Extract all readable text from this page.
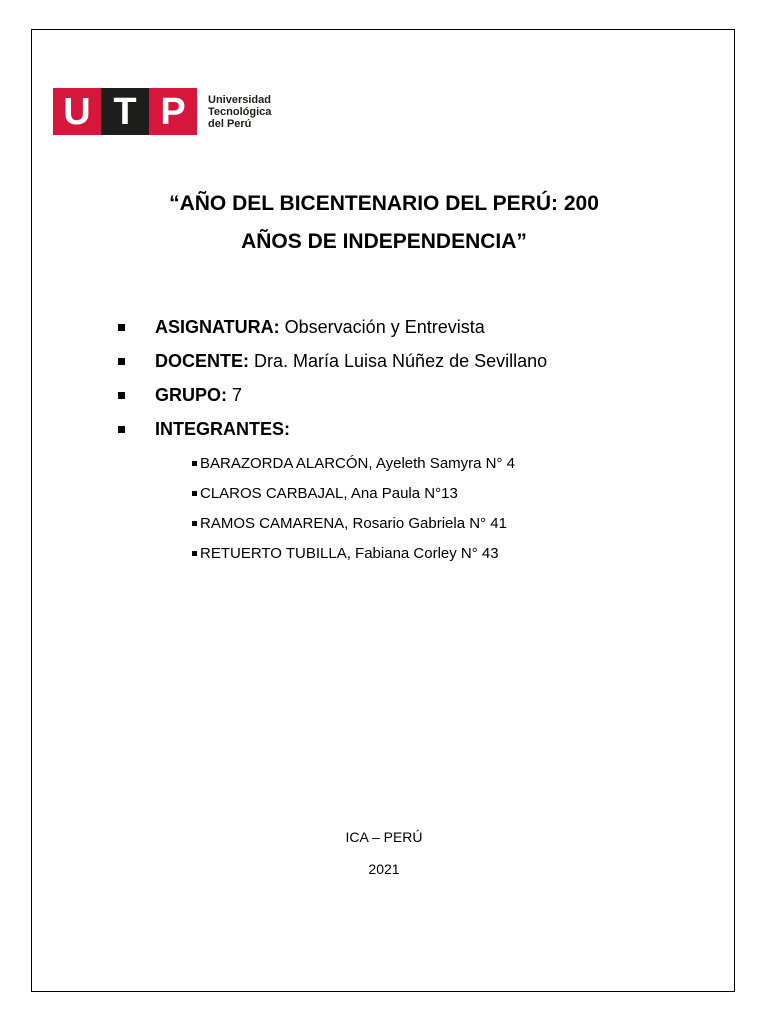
U T P	Universidad
Tecnológica
del Perú
“AÑO DEL BICENTENARIO DEL PERÚ: 200
AÑOS DE INDEPENDENCIA”
ASIGNATURA: Observación y Entrevista
DOCENTE: Dra. María Luisa Núñez de Sevillano
GRUPO: 7
INTEGRANTES:
BARAZORDA ALARCÓN, Ayeleth Samyra N° 4
CLAROS CARBAJAL, Ana Paula N°13
RAMOS CAMARENA, Rosario Gabriela N° 41
RETUERTO TUBILLA, Fabiana Corley N° 43
ICA – PERÚ
2021
